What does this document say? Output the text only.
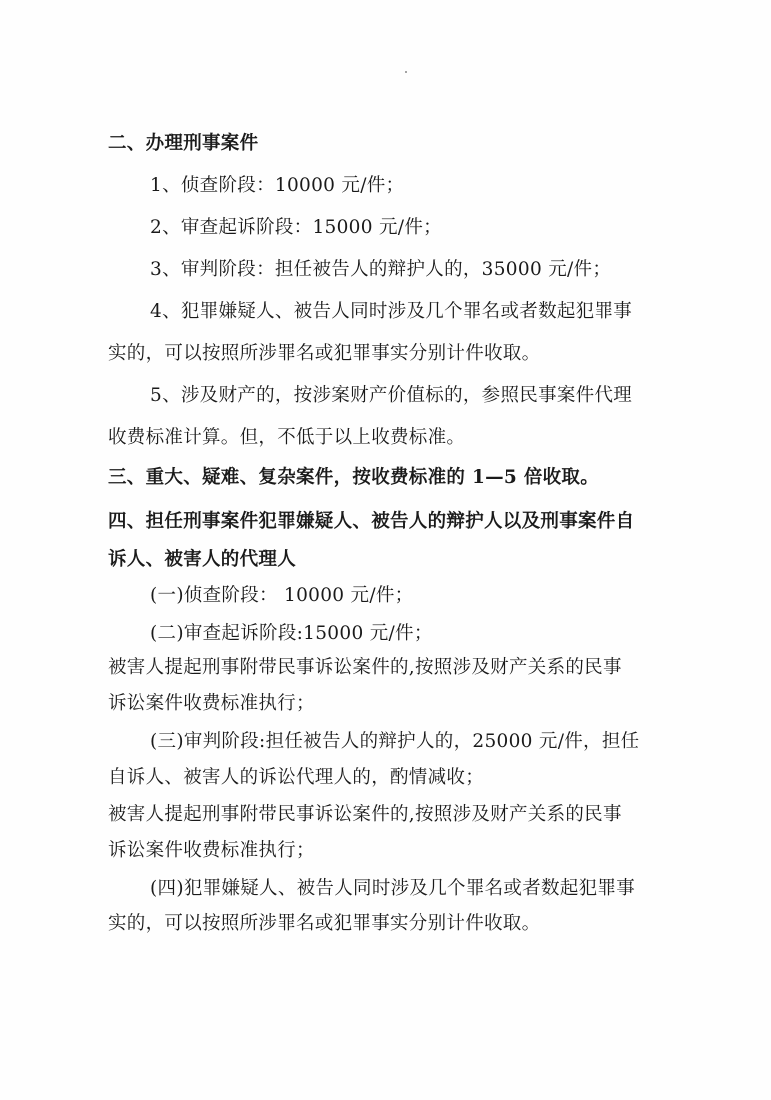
二、办理刑事案件
1、侦查阶段：10000 元/件；
2、审查起诉阶段：15000 元/件；
3、审判阶段：担任被告人的辩护人的，35000 元/件；
4、犯罪嫌疑人、被告人同时涉及几个罪名或者数起犯罪事
实的，可以按照所涉罪名或犯罪事实分别计件收取。
5、涉及财产的，按涉案财产价值标的，参照民事案件代理
收费标准计算。但，不低于以上收费标准。
三、重大、疑难、复杂案件，按收费标准的 1—5 倍收取。
四、担任刑事案件犯罪嫌疑人、被告人的辩护人以及刑事案件自
诉人、被害人的代理人
(一)侦查阶段： 10000 元/件；
(二)审查起诉阶段:15000 元/件；
被害人提起刑事附带民事诉讼案件的,按照涉及财产关系的民事
诉讼案件收费标准执行；
(三)审判阶段:担任被告人的辩护人的，25000 元/件，担任
自诉人、被害人的诉讼代理人的，酌情减收；
被害人提起刑事附带民事诉讼案件的,按照涉及财产关系的民事
诉讼案件收费标准执行；
(四)犯罪嫌疑人、被告人同时涉及几个罪名或者数起犯罪事
实的，可以按照所涉罪名或犯罪事实分别计件收取。
